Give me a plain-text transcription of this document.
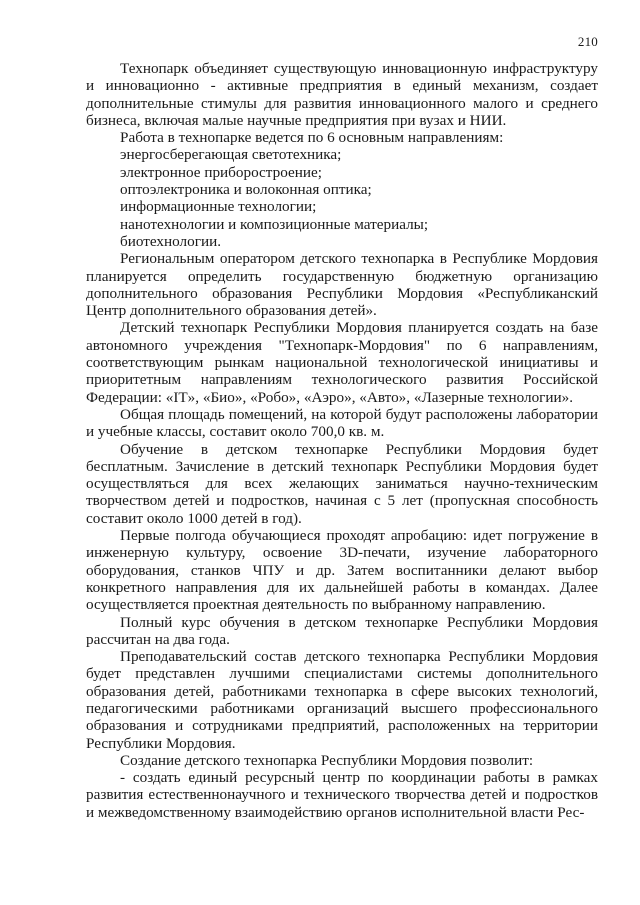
210

Технопарк объединяет существующую инновационную инфраструктуру и инновационно - активные предприятия в единый механизм, создает дополнительные стимулы для развития инновационного малого и среднего бизнеса, включая малые научные предприятия при вузах и НИИ.

Работа в технопарке ведется по 6 основным направлениям:

энергосберегающая светотехника;

электронное приборостроение;

оптоэлектроника и волоконная оптика;

информационные технологии;

нанотехнологии и композиционные материалы;

биотехнологии.

Региональным оператором детского технопарка в Республике Мордовия планируется определить государственную бюджетную организацию дополнительного образования Республики Мордовия «Республиканский Центр дополнительного образования детей».

Детский технопарк Республики Мордовия планируется создать на базе автономного учреждения "Технопарк-Мордовия" по 6 направлениям, соответствующим рынкам национальной технологической инициативы и приоритетным направлениям технологического развития Российской Федерации: «IT», «Био», «Робо», «Аэро», «Авто», «Лазерные технологии».

Общая площадь помещений, на которой будут расположены лаборатории и учебные классы, составит около 700,0 кв. м.

Обучение в детском технопарке Республики Мордовия будет бесплатным. Зачисление в детский технопарк Республики Мордовия будет осуществляться для всех желающих заниматься научно-техническим творчеством детей и подростков, начиная с 5 лет (пропускная способность составит около 1000 детей в год).

Первые полгода обучающиеся проходят апробацию: идет погружение в инженерную культуру, освоение 3D-печати, изучение лабораторного оборудования, станков ЧПУ и др. Затем воспитанники делают выбор конкретного направления для их дальнейшей работы в командах. Далее осуществляется проектная деятельность по выбранному направлению.

Полный курс обучения в детском технопарке Республики Мордовия рассчитан на два года.

Преподавательский состав детского технопарка Республики Мордовия будет представлен лучшими специалистами системы дополнительного образования детей, работниками технопарка в сфере высоких технологий, педагогическими работниками организаций высшего профессионального образования и сотрудниками предприятий, расположенных на территории Республики Мордовия.

Создание детского технопарка Республики Мордовия позволит:

- создать единый ресурсный центр по координации работы в рамках развития естественнонаучного и технического творчества детей и подростков и межведомственному взаимодействию органов исполнительной власти Рес-
